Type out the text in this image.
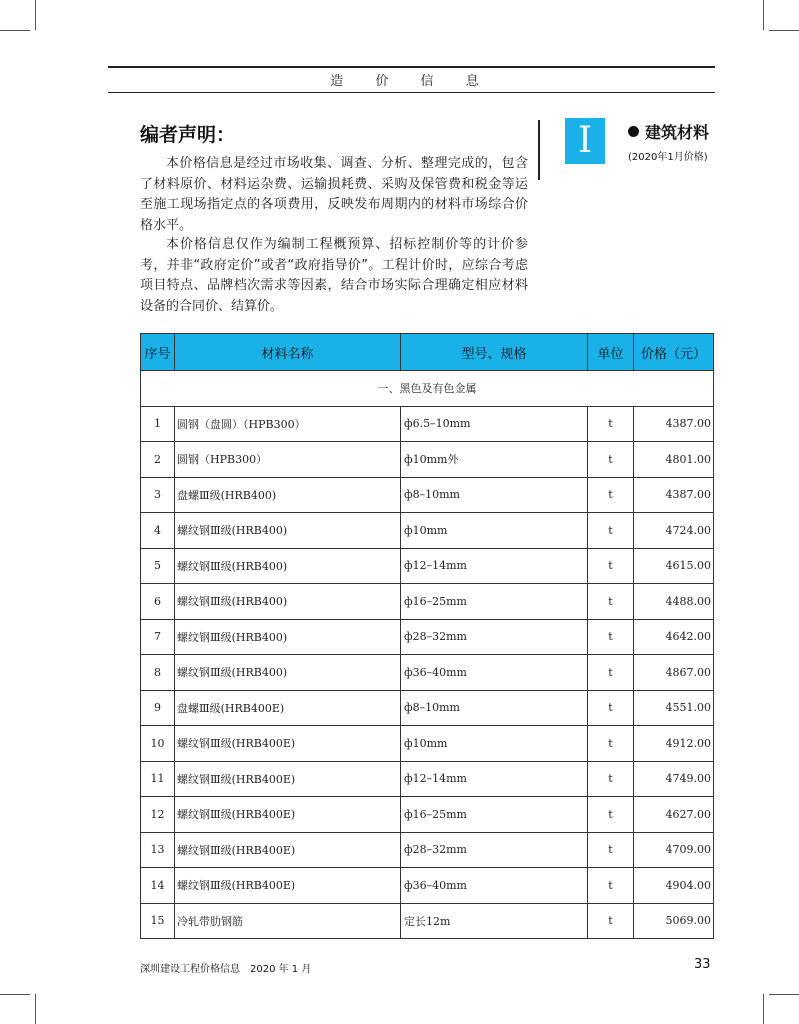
造 价 信 息
编者声明：

本价格信息是经过市场收集、调查、分析、整理完成的，包含了材料原价、材料运杂费、运输损耗费、采购及保管费和税金等运至施工现场指定点的各项费用，反映发布周期内的材料市场综合价格水平。

本价格信息仅作为编制工程概预算、招标控制价等的计价参考，并非“政府定价”或者“政府指导价”。工程计价时，应综合考虑项目特点、品牌档次需求等因素，结合市场实际合理确定相应材料设备的合同价、结算价。

I	建筑材料
(2020年1月价格)
序号	材料名称	型号、规格	单位	价格（元）
一、黑色及有色金属				
1	圆钢（盘圆）（HPB300）	ф6.5–10mm	t	4387.00
2	圆钢（HPB300）	ф10mm外	t	4801.00
3	盘螺Ⅲ级(HRB400)	ф8–10mm	t	4387.00
4	螺纹钢Ⅲ级(HRB400)	ф10mm	t	4724.00
5	螺纹钢Ⅲ级(HRB400)	ф12–14mm	t	4615.00
6	螺纹钢Ⅲ级(HRB400)	ф16–25mm	t	4488.00
7	螺纹钢Ⅲ级(HRB400)	ф28–32mm	t	4642.00
8	螺纹钢Ⅲ级(HRB400)	ф36–40mm	t	4867.00
9	盘螺Ⅲ级(HRB400E)	ф8–10mm	t	4551.00
10	螺纹钢Ⅲ级(HRB400E)	ф10mm	t	4912.00
11	螺纹钢Ⅲ级(HRB400E)	ф12–14mm	t	4749.00
12	螺纹钢Ⅲ级(HRB400E)	ф16–25mm	t	4627.00
13	螺纹钢Ⅲ级(HRB400E)	ф28–32mm	t	4709.00
14	螺纹钢Ⅲ级(HRB400E)	ф36–40mm	t	4904.00
15	冷轧带肋钢筋	定长12m	t	5069.00
深圳建设工程价格信息　2020 年 1 月	33
